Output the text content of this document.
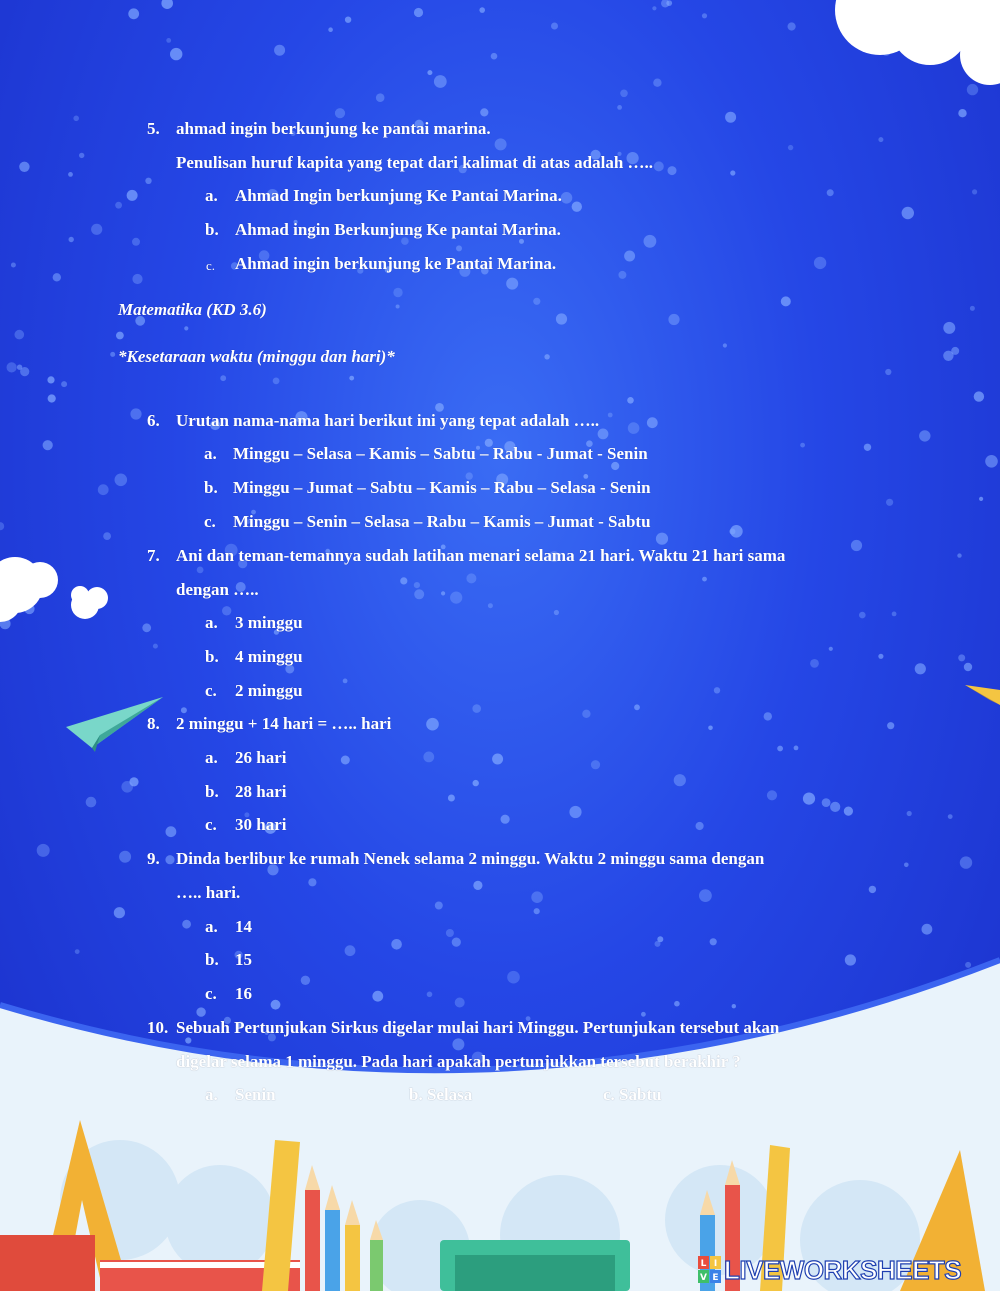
5. ahmad ingin berkunjung ke pantai marina.
Penulisan huruf kapita yang tepat dari kalimat di atas adalah …..
a. Ahmad Ingin berkunjung Ke Pantai Marina.
b. Ahmad ingin Berkunjung Ke pantai Marina.
c. Ahmad ingin berkunjung ke Pantai Marina.
Matematika (KD 3.6)
*Kesetaraan waktu (minggu dan hari)*
6. Urutan nama-nama hari berikut ini yang tepat adalah …..
a. Minggu – Selasa – Kamis – Sabtu – Rabu - Jumat - Senin
b. Minggu – Jumat – Sabtu – Kamis – Rabu – Selasa - Senin
c. Minggu – Senin – Selasa – Rabu – Kamis – Jumat - Sabtu
7. Ani dan teman-temannya sudah latihan menari selama 21 hari. Waktu 21 hari sama
dengan …..
a. 3 minggu
b. 4 minggu
c. 2 minggu
8. 2 minggu + 14 hari = ….. hari
a. 26 hari
b. 28 hari
c. 30 hari
9. Dinda berlibur ke rumah Nenek selama 2 minggu. Waktu 2 minggu sama dengan
….. hari.
a. 14
b. 15
c. 16
10. Sebuah Pertunjukan Sirkus digelar mulai hari Minggu. Pertunjukan tersebut akan
digelar selama 1 minggu. Pada hari apakah pertunjukkan tersebut berakhir ?
a. Senin	b. Selasa	c. Sabtu
L I
V E LIVEWORKSHEETS
